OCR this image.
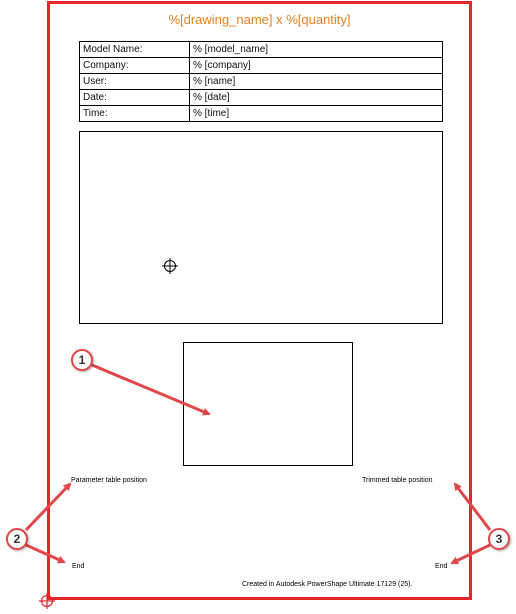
%[drawing_name] x %[quantity]
Model Name:	% [model_name]
Company:	% [company]
User:	% [name]
Date:	% [date]
Time:	% [time]
Parameter table position	Trimmed table position
End	End
Created in Autodesk PowerShape Ultimate 17129 (25).
1
2	3
